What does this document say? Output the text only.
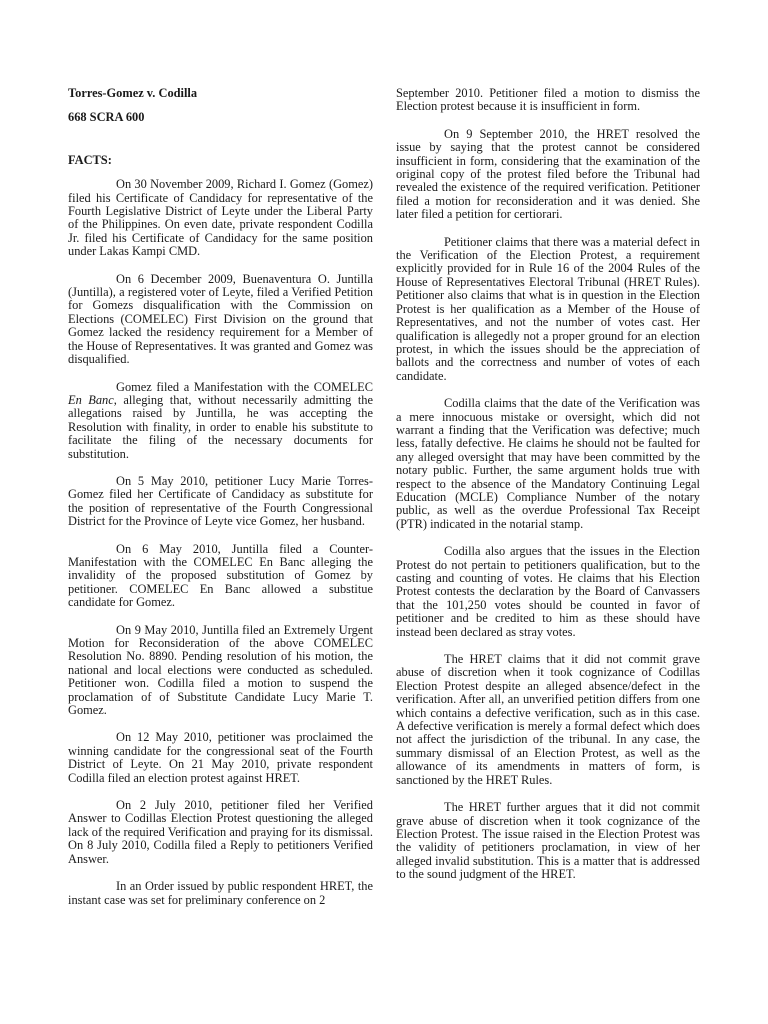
Torres-Gomez v. Codilla
668 SCRA 600
FACTS:

On 30 November 2009, Richard I. Gomez (Gomez) filed his Certificate of Candidacy for representative of the Fourth Legislative District of Leyte under the Liberal Party of the Philippines. On even date, private respondent Codilla Jr. filed his Certificate of Candidacy for the same position under Lakas Kampi CMD.

On 6 December 2009, Buenaventura O. Juntilla (Juntilla), a registered voter of Leyte, filed a Verified Petition for Gomezs disqualification with the Commission on Elections (COMELEC) First Division on the ground that Gomez lacked the residency requirement for a Member of the House of Representatives. It was granted and Gomez was disqualified.

Gomez filed a Manifestation with the COMELEC En Banc, alleging that, without necessarily admitting the allegations raised by Juntilla, he was accepting the Resolution with finality, in order to enable his substitute to facilitate the filing of the necessary documents for substitution.

On 5 May 2010, petitioner Lucy Marie Torres-Gomez filed her Certificate of Candidacy as substitute for the position of representative of the Fourth Congressional District for the Province of Leyte vice Gomez, her husband.

On 6 May 2010, Juntilla filed a Counter-Manifestation with the COMELEC En Banc alleging the invalidity of the proposed substitution of Gomez by petitioner. COMELEC En Banc allowed a substitue candidate for Gomez.

On 9 May 2010, Juntilla filed an Extremely Urgent Motion for Reconsideration of the above COMELEC Resolution No. 8890. Pending resolution of his motion, the national and local elections were conducted as scheduled. Petitioner won. Codilla filed a motion to suspend the proclamation of of Substitute Candidate Lucy Marie T. Gomez.

On 12 May 2010, petitioner was proclaimed the winning candidate for the congressional seat of the Fourth District of Leyte. On 21 May 2010, private respondent Codilla filed an election protest against HRET.

On 2 July 2010, petitioner filed her Verified Answer to Codillas Election Protest questioning the alleged lack of the required Verification and praying for its dismissal. On 8 July 2010, Codilla filed a Reply to petitioners Verified Answer.

In an Order issued by public respondent HRET, the instant case was set for preliminary conference on 2

September 2010. Petitioner filed a motion to dismiss the Election protest because it is insufficient in form.

On 9 September 2010, the HRET resolved the issue by saying that the protest cannot be considered insufficient in form, considering that the examination of the original copy of the protest filed before the Tribunal had revealed the existence of the required verification. Petitioner filed a motion for reconsideration and it was denied. She later filed a petition for certiorari.

Petitioner claims that there was a material defect in the Verification of the Election Protest, a requirement explicitly provided for in Rule 16 of the 2004 Rules of the House of Representatives Electoral Tribunal (HRET Rules). Petitioner also claims that what is in question in the Election Protest is her qualification as a Member of the House of Representatives, and not the number of votes cast. Her qualification is allegedly not a proper ground for an election protest, in which the issues should be the appreciation of ballots and the correctness and number of votes of each candidate.

Codilla claims that the date of the Verification was a mere innocuous mistake or oversight, which did not warrant a finding that the Verification was defective; much less, fatally defective. He claims he should not be faulted for any alleged oversight that may have been committed by the notary public. Further, the same argument holds true with respect to the absence of the Mandatory Continuing Legal Education (MCLE) Compliance Number of the notary public, as well as the overdue Professional Tax Receipt (PTR) indicated in the notarial stamp.

Codilla also argues that the issues in the Election Protest do not pertain to petitioners qualification, but to the casting and counting of votes. He claims that his Election Protest contests the declaration by the Board of Canvassers that the 101,250 votes should be counted in favor of petitioner and be credited to him as these should have instead been declared as stray votes.

The HRET claims that it did not commit grave abuse of discretion when it took cognizance of Codillas Election Protest despite an alleged absence/defect in the verification. After all, an unverified petition differs from one which contains a defective verification, such as in this case. A defective verification is merely a formal defect which does not affect the jurisdiction of the tribunal. In any case, the summary dismissal of an Election Protest, as well as the allowance of its amendments in matters of form, is sanctioned by the HRET Rules.

The HRET further argues that it did not commit grave abuse of discretion when it took cognizance of the Election Protest. The issue raised in the Election Protest was the validity of petitioners proclamation, in view of her alleged invalid substitution. This is a matter that is addressed to the sound judgment of the HRET.
